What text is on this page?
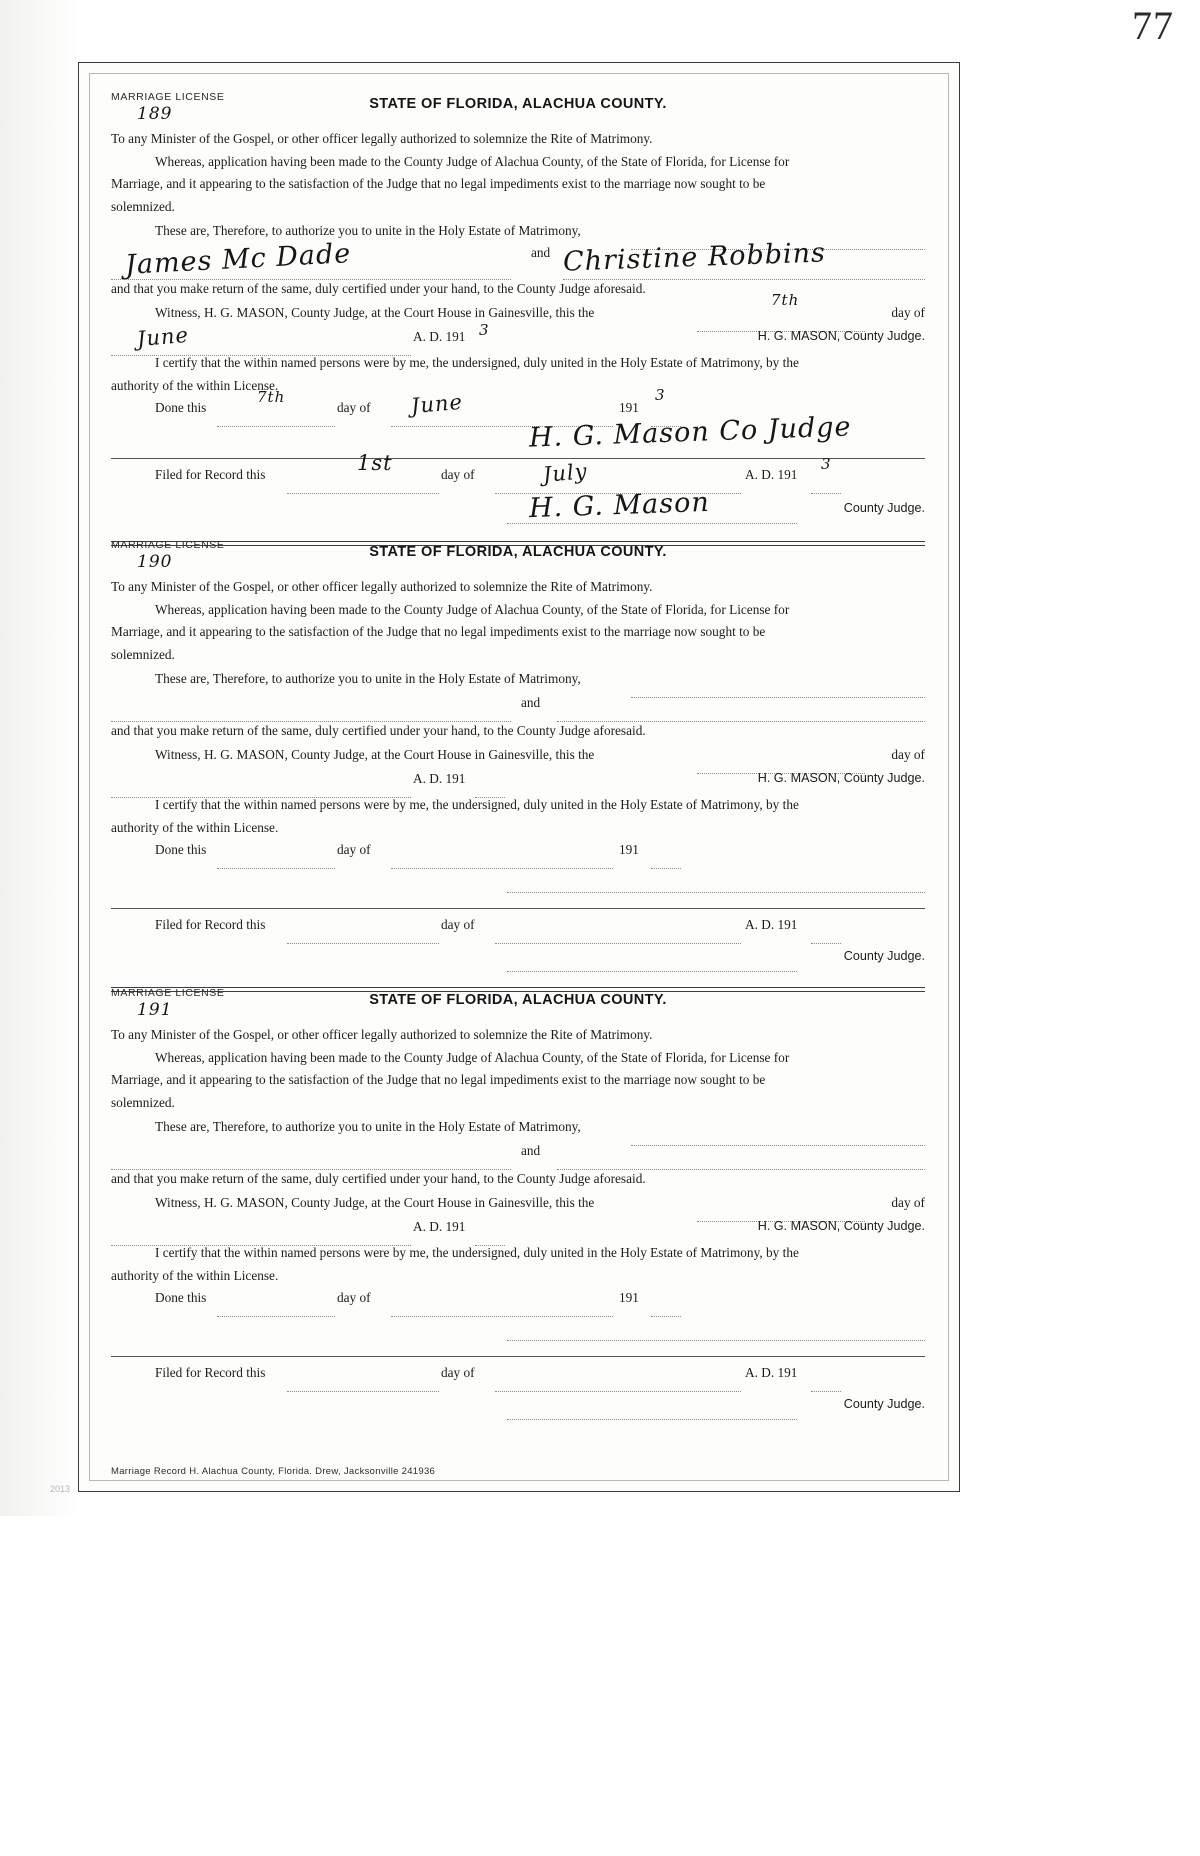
77
MARRIAGE LICENSE
189	STATE OF FLORIDA, ALACHUA COUNTY.

To any Minister of the Gospel, or other officer legally authorized to solemnize the Rite of Matrimony.

Whereas, application having been made to the County Judge of Alachua County, of the State of Florida, for License for

Marriage, and it appearing to the satisfaction of the Judge that no legal impediments exist to the marriage now sought to be

solemnized.

These are, Therefore, to authorize you to unite in the Holy Estate of Matrimony,
James Mc Dade	and Christine Robbins

and that you make return of the same, duly certified under your hand, to the County Judge aforesaid.

Witness, H. G. MASON, County Judge, at the Court House in Gainesville, this the	day of
7th
A. D. 191
June	3	H. G. MASON, County Judge.

I certify that the within named persons were by me, the undersigned, duly united in the Holy Estate of Matrimony, by the

authority of the within License.

Done this	day of	191
7th	June	3
H. G. Mason Co Judge
Filed for Record this	day of	A. D. 191
1st	July	3
H. G. Mason	County Judge.
MARRIAGE LICENSE
190	STATE OF FLORIDA, ALACHUA COUNTY.

To any Minister of the Gospel, or other officer legally authorized to solemnize the Rite of Matrimony.

Whereas, application having been made to the County Judge of Alachua County, of the State of Florida, for License for

Marriage, and it appearing to the satisfaction of the Judge that no legal impediments exist to the marriage now sought to be

solemnized.

These are, Therefore, to authorize you to unite in the Holy Estate of Matrimony,
and

and that you make return of the same, duly certified under your hand, to the County Judge aforesaid.

Witness, H. G. MASON, County Judge, at the Court House in Gainesville, this the	day of
A. D. 191	H. G. MASON, County Judge.

I certify that the within named persons were by me, the undersigned, duly united in the Holy Estate of Matrimony, by the

authority of the within License.

Done this	day of	191
Filed for Record this	day of	A. D. 191
County Judge.
MARRIAGE LICENSE
191	STATE OF FLORIDA, ALACHUA COUNTY.

To any Minister of the Gospel, or other officer legally authorized to solemnize the Rite of Matrimony.

Whereas, application having been made to the County Judge of Alachua County, of the State of Florida, for License for

Marriage, and it appearing to the satisfaction of the Judge that no legal impediments exist to the marriage now sought to be

solemnized.

These are, Therefore, to authorize you to unite in the Holy Estate of Matrimony,
and

and that you make return of the same, duly certified under your hand, to the County Judge aforesaid.

Witness, H. G. MASON, County Judge, at the Court House in Gainesville, this the	day of
A. D. 191	H. G. MASON, County Judge.

I certify that the within named persons were by me, the undersigned, duly united in the Holy Estate of Matrimony, by the

authority of the within License.

Done this	day of	191
Filed for Record this	day of	A. D. 191
County Judge.
Marriage Record H. Alachua County, Florida. Drew, Jacksonville 241936
2013
